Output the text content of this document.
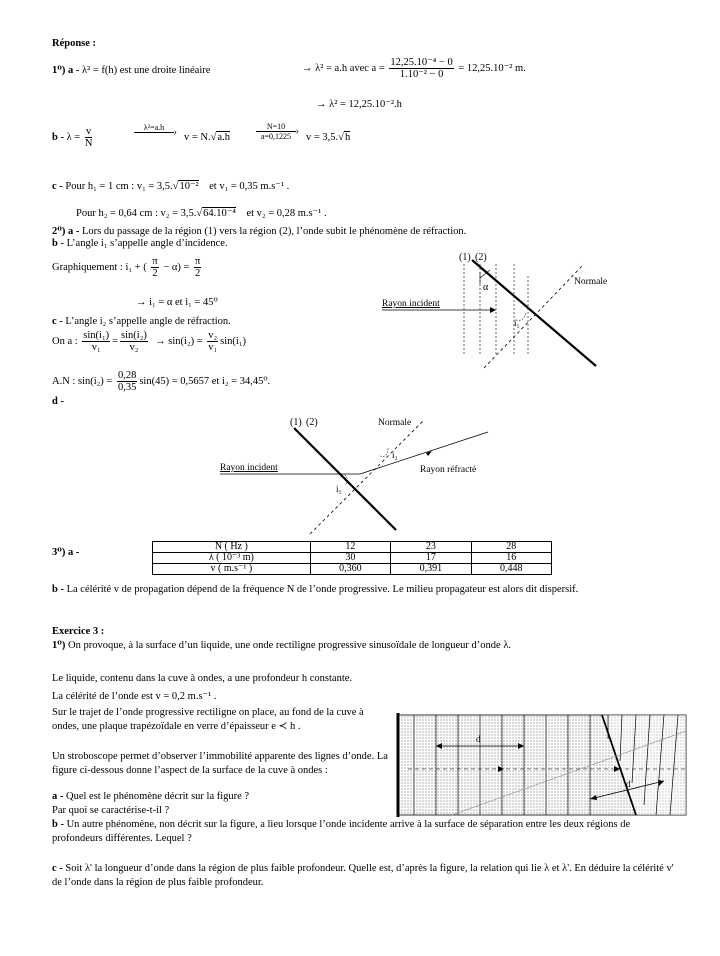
Réponse :
1⁰) a - λ² = f(h) est une droite linéaire	→ λ² = a.h avec $a = \frac{\text{12,25.10⁻⁴ − 0}}{\text{1.10⁻² − 0}} = 12,25.10^{-2}$ m.
→ λ² = 12,25.10⁻².h
$b - \lambda = \frac{v}{N}$	λ²=a.h › v = N.√a.h
N=10 ›
a=0,1225	v = 3,5.√h
c - Pour h₁ = 1 cm : v₁ = 3,5.√10⁻² et v₁ = 0,35 m.s⁻¹ .
Pour h₂ = 0,64 cm : v₂ = 3,5.√64.10⁻⁴ et v₂ = 0,28 m.s⁻¹ .
2⁰) a - Lors du passage de la région (1) vers la région (2), l’onde subit le phénomène de réfraction.
b - L’angle i₁ s’appelle angle d’incidence.
Graphiquement : i₁ + ( $\frac{\pi}{2} - \alpha) = \frac{\pi}{2}$
→ i₁ = α et i₁ = 45⁰
c - L’angle i₂ s’appelle angle de réfraction.
On a : $\frac{\text{sin(i₁)}}{\text{v₁}} = \frac{\text{sin(i₂)}}{\text{v₂}} \to \sin(i_2) = \frac{\text{v₂}}{\text{v₁}} \sin(i_1)$
A.N : $\sin(i_2) = \frac{0,28}{0,35} \sin(45) = 0,5657$ et i₂ = 34,45⁰.
d -
(1) (2)
α	Normale
Rayon incident
i₁
(1) (2)	Normale
i₂
Rayon réfracté
Rayon incident
i₁
3⁰) a -
N ( Hz )	12	23	28
λ ( 10⁻³ m)	30	17	16
v ( m.s⁻¹ )	0,360	0,391	0,448
b - La célérité v de propagation dépend de la fréquence N de l’onde progressive. Le milieu propagateur est alors dit dispersif.
Exercice 3 :
1⁰) On provoque, à la surface d’un liquide, une onde rectiligne progressive sinusoïdale de longueur d’onde λ.
Le liquide, contenu dans la cuve à ondes, a une profondeur h constante.
La célérité de l’onde est v = 0,2 m.s⁻¹ .
Sur le trajet de l’onde progressive rectiligne on place, au fond de la cuve à ondes, une plaque trapézoïdale en verre d’épaisseur e ≺ h .
Un stroboscope permet d’observer l’immobilité apparente des lignes d’onde. La figure ci-dessous donne l’aspect de la surface de la cuve à ondes :
a - Quel est le phénomène décrit sur la figure ?
Par quoi se caractérise-t-il ?
b - Un autre phénomène, non décrit sur la figure, a lieu lorsque l’onde incidente arrive à la surface de séparation entre les deux régions de profondeurs différentes. Lequel ?
c - Soit λ' la longueur d’onde dans la région de plus faible profondeur. Quelle est, d’après la figure, la relation qui lie λ et λ'. En déduire la célérité v' de l’onde dans la région de plus faible profondeur.
d
d
